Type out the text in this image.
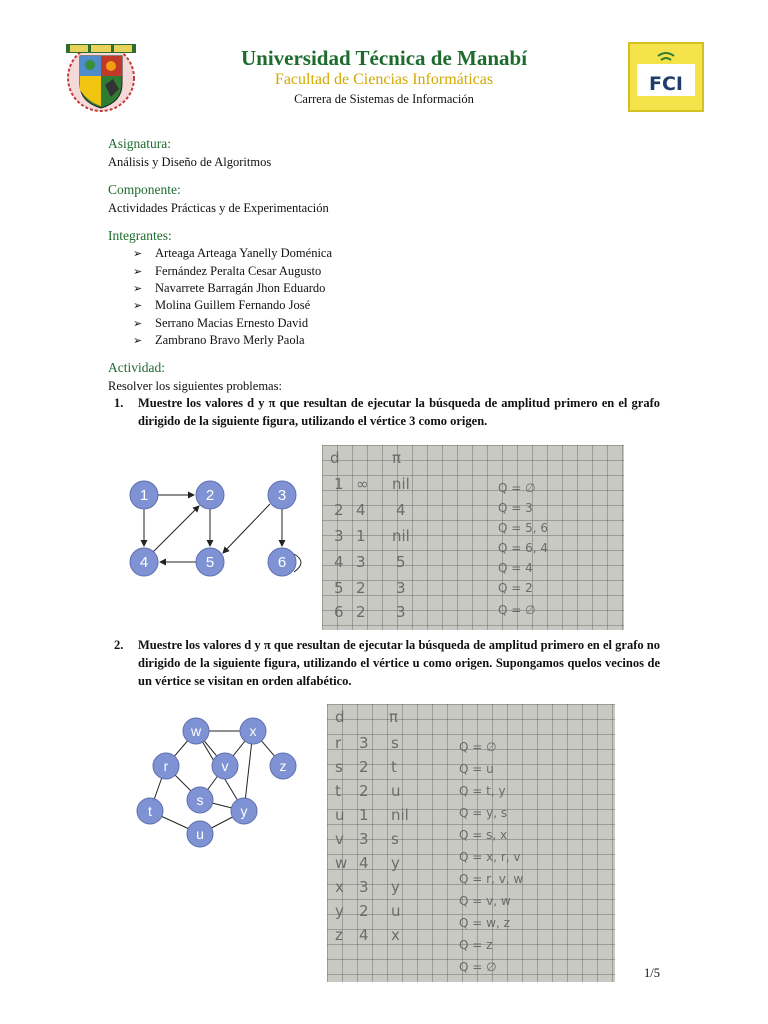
Universidad Técnica de Manabí
Facultad de Ciencias Informáticas
Carrera de Sistemas de Información
FCI
Asignatura:
Análisis y Diseño de Algoritmos
Componente:
Actividades Prácticas y de Experimentación
Integrantes:
➢ Arteaga Arteaga Yanelly Doménica
➢ Fernández Peralta Cesar Augusto
➢ Navarrete Barragán Jhon Eduardo
➢ Molina Guillem Fernando José
➢ Serrano Macias Ernesto David
➢ Zambrano Bravo Merly Paola
Actividad:
Resolver los siguientes problemas:
1. Muestre los valores d y π que resultan de ejecutar la búsqueda de amplitud primero en el grafo dirigido de la siguiente figura, utilizando el vértice 3 como origen.
1	2	3
4	5	6
d	π
1 ∞ nil
2 4 4
3 1 nil
4 3 5
5 2 3
6 2 3
Q = ∅
Q = 3
Q = 5, 6
Q = 6, 4
Q = 4
Q = 2
Q = ∅
2. Muestre los valores d y π que resultan de ejecutar la búsqueda de amplitud primero en el grafo no dirigido de la siguiente figura, utilizando el vértice u como origen. Supongamos quelos vecinos de un vértice se visitan en orden alfabético.
w	x
r	v	z
t
s
y
u
d	π
r 3 s
s 2 t
t 2 u
u 1 nil
v 3 s
w 4 y
x 3 y
y 2 u
z 4 x
Q = ∅
Q = u
Q = t, y
Q = y, s
Q = s, x
Q = x, r, v
Q = r, v, w
Q = v, w
Q = w, z
Q = z
Q = ∅	1/5
